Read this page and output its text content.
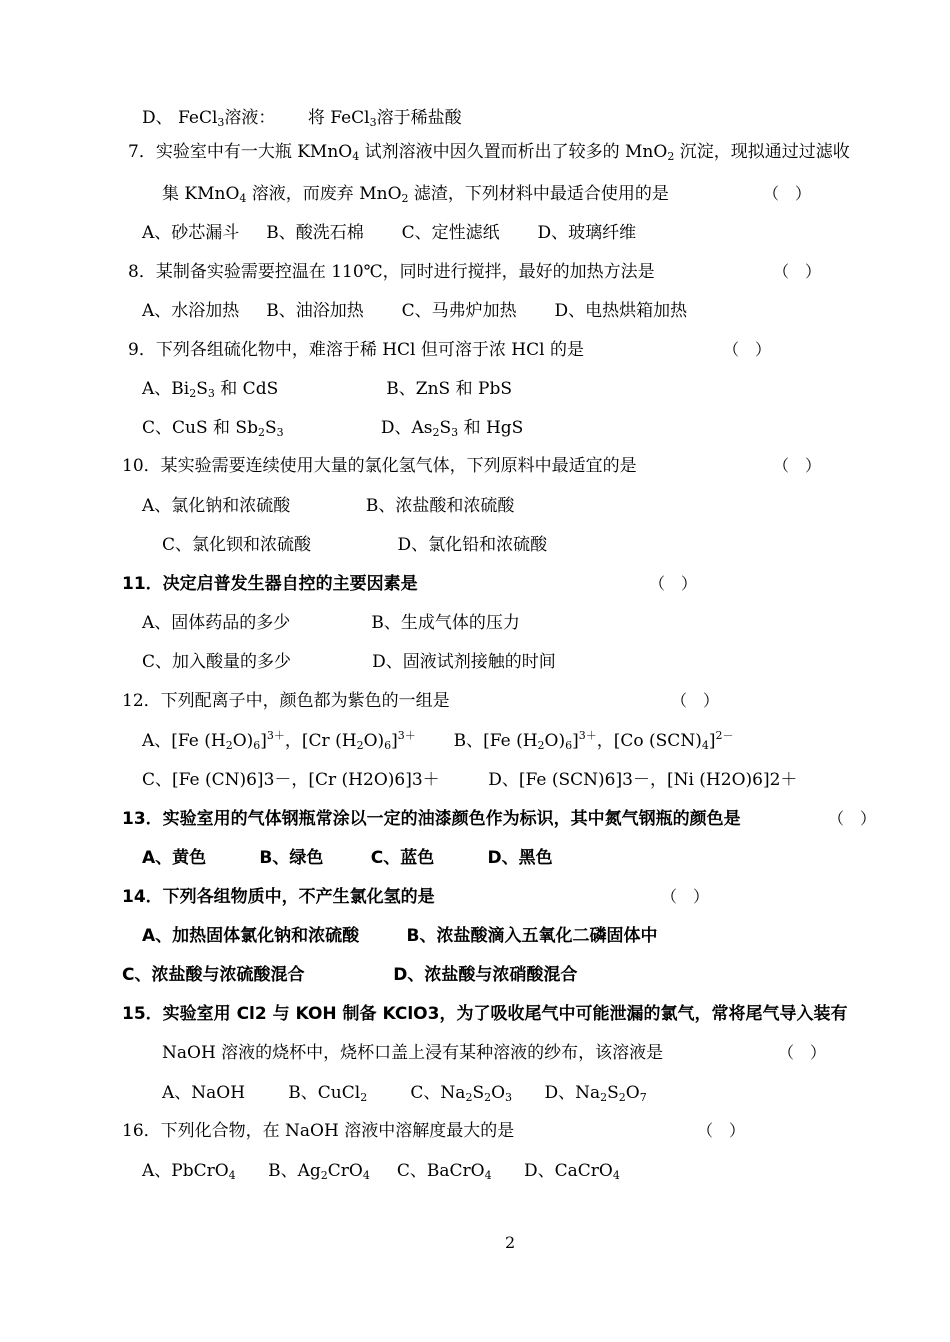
D、 FeCl$_3$溶液：      将 FeCl$_3$溶于稀盐酸
7．实验室中有一大瓶 KMnO$_4$ 试剂溶液中因久置而析出了较多的 MnO$_2$ 沉淀，现拟通过过滤收
集 KMnO$_4$ 溶液，而废弃 MnO$_2$ 滤渣，下列材料中最适合使用的是	（　）
A、砂芯漏斗     B、酸洗石棉       C、定性滤纸       D、玻璃纤维
8．某制备实验需要控温在 110℃，同时进行搅拌，最好的加热方法是	（　）
A、水浴加热     B、油浴加热       C、马弗炉加热       D、电热烘箱加热
9．下列各组硫化物中，难溶于稀 HCl 但可溶于浓 HCl 的是	（　）
A、$Bi_2S_3$ 和 CdS                    B、ZnS 和 PbS
C、CuS 和 $Sb_2S_3$                  D、$As_2S_3$ 和 HgS
10．某实验需要连续使用大量的氯化氢气体，下列原料中最适宜的是	（　）
A、氯化钠和浓硫酸              B、浓盐酸和浓硫酸
C、氯化钡和浓硫酸                D、氯化铅和浓硫酸
11．决定启普发生器自控的主要因素是	（　）
A、固体药品的多少               B、生成气体的压力
C、加入酸量的多少               D、固液试剂接触的时间
12．下列配离子中，颜色都为紫色的一组是	（　）
A、[Fe $(H_2O)_6]^{3+}$，[Cr $(H_2O)_6]^{3+}$       B、[Fe $(H_2O)_6]^{3+}$，[Co $(SCN)_4]^{2-}$
C、[Fe (CN)6]3－，[Cr (H2O)6]3＋         D、[Fe (SCN)6]3－，[Ni (H2O)6]2＋
13．实验室用的气体钢瓶常涂以一定的油漆颜色作为标识，其中氮气钢瓶的颜色是	（　）
A、黄色         B、绿色        C、蓝色         D、黑色
14．下列各组物质中，不产生氯化氢的是	（　）
A、加热固体氯化钠和浓硫酸        B、浓盐酸滴入五氧化二磷固体中
C、浓盐酸与浓硫酸混合               D、浓盐酸与浓硝酸混合
15．实验室用 Cl2 与 KOH 制备 KClO3，为了吸收尾气中可能泄漏的氯气，常将尾气导入装有
NaOH 溶液的烧杯中，烧杯口盖上浸有某种溶液的纱布，该溶液是	（　）
A、NaOH        B、CuCl$_2$        C、$Na_2S_2O_3$      D、$Na_2S_2O_7$
16．下列化合物，在 NaOH 溶液中溶解度最大的是	（　）
A、PbCrO$_4$      B、$Ag_2CrO_4$     C、BaCrO$_4$      D、CaCrO$_4$
2
